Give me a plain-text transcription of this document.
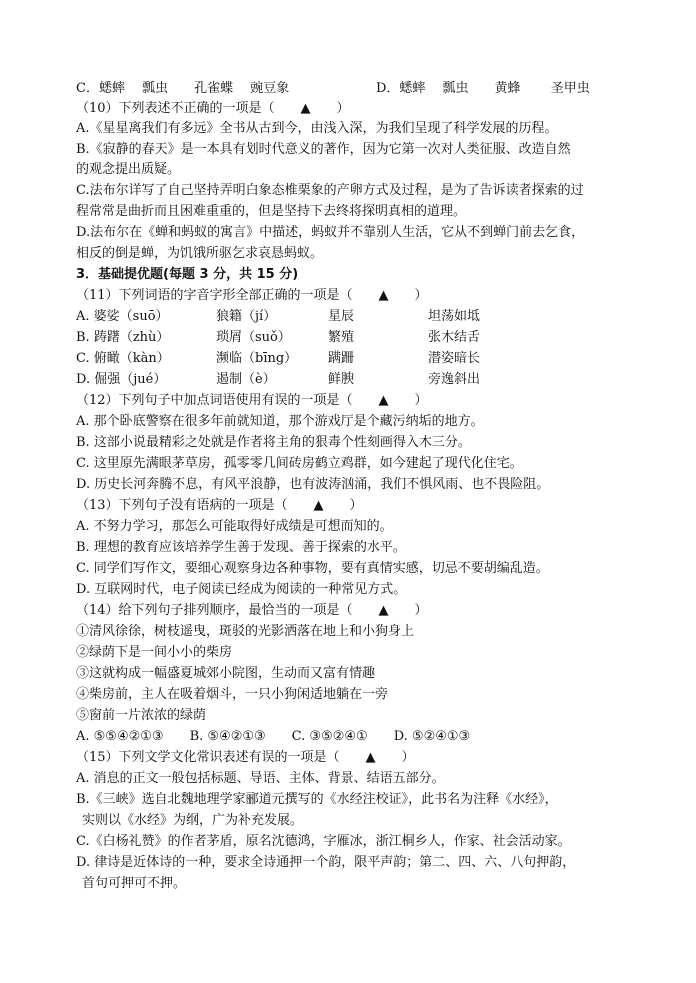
C．蟋蟀　 瓢虫　　孔雀蝶　 豌豆象	D．蟋蟀　 瓢虫　　黄蜂　　 圣甲虫
（10）下列表述不正确的一项是（　　▲　　）
A.《星星离我们有多远》全书从古到今，由浅入深，为我们呈现了科学发展的历程。
B.《寂静的春天》是一本具有划时代意义的著作，因为它第一次对人类征服、改造自然
的观念提出质疑。
C.法布尔详写了自己坚持弄明白象态椎栗象的产卵方式及过程，是为了告诉读者探索的过
程常常是曲折而且困难重重的，但是坚持下去终将探明真相的道理。
D.法布尔在《蝉和蚂蚁的寓言》中描述，蚂蚁并不靠别人生活，它从不到蝉门前去乞食，
相反的倒是蝉，为饥饿所驱乞求哀恳蚂蚁。
3．基础提优题(每题 3 分，共 15 分)
（11）下列词语的字音字形全部正确的一项是（　　▲　　）
A. 婆娑（suō）	狼籍（jí）	星辰	坦荡如坻
B. 踌躇（zhù）	琐屑（suǒ）	繁殖	张木结舌
C. 俯瞰（kàn）	濒临（bīng） 蹒跚	潜姿暗长
D. 倔强（jué）	遏制（è）	鲜腴	旁逸斜出
（12）下列句子中加点词语使用有误的一项是（　　▲　　）
A. 那个卧底警察在很多年前就知道，那个游戏厅是个藏污纳垢的地方。
B. 这部小说最精彩之处就是作者将主角的狠毒个性刻画得入木三分。
C. 这里原先满眼茅草房，孤零零几间砖房鹤立鸡群，如今建起了现代化住宅。
D. 历史长河奔腾不息，有风平浪静，也有波涛汹涌，我们不惧风雨、也不畏险阻。
（13）下列句子没有语病的一项是（　　▲　　）
A. 不努力学习，那怎么可能取得好成绩是可想而知的。
B. 理想的教育应该培养学生善于发现、善于探索的水平。
C. 同学们写作文，要细心观察身边各种事物，要有真情实感，切忌不要胡编乱造。
D. 互联网时代，电子阅读已经成为阅读的一种常见方式。
（14）给下列句子排列顺序，最恰当的一项是（　　▲　　）
①清风徐徐，树枝遥曳，斑驳的光影洒落在地上和小狗身上
②绿荫下是一间小小的柴房
③这就构成一幅盛夏城郊小院图，生动而又富有情趣
④柴房前，主人在吸着烟斗，一只小狗闲适地躺在一旁
⑤窗前一片浓浓的绿荫
A. ⑤⑤④②①③　　B. ⑤④②①③　　C. ③⑤②④①　　D. ⑤②④①③
（15）下列文学文化常识表述有误的一项是（　　▲　　）
A. 消息的正文一般包括标题、导语、主体、背景、结语五部分。
B.《三峡》选自北魏地理学家郦道元撰写的《水经注校证》，此书名为注释《水经》，
实则以《水经》为纲，广为补充发展。
C.《白杨礼赞》的作者茅盾，原名沈德鸿，字雁冰，浙江桐乡人，作家、社会活动家。
D. 律诗是近体诗的一种，要求全诗通押一个韵，限平声韵；第二、四、六、八句押韵，
首句可押可不押。
